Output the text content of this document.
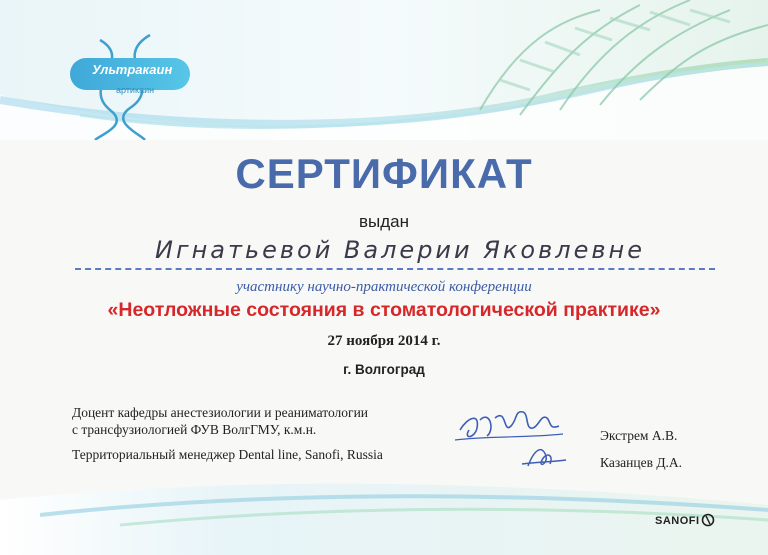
Ультракаин
артикаин
СЕРТИФИКАТ
выдан
Игнатьевой Валерии Яковлевне
участнику научно-практической конференции
«Неотложные состояния в стоматологической практике»
27 ноября 2014 г.
г. Волгоград
Доцент кафедры анестезиологии и реаниматологии
с трансфузиологией ФУВ ВолгГМУ, к.м.н.
Территориальный менеджер Dental line, Sanofi, Russia
Экстрем А.В.
Казанцев Д.А.
SANOFI
